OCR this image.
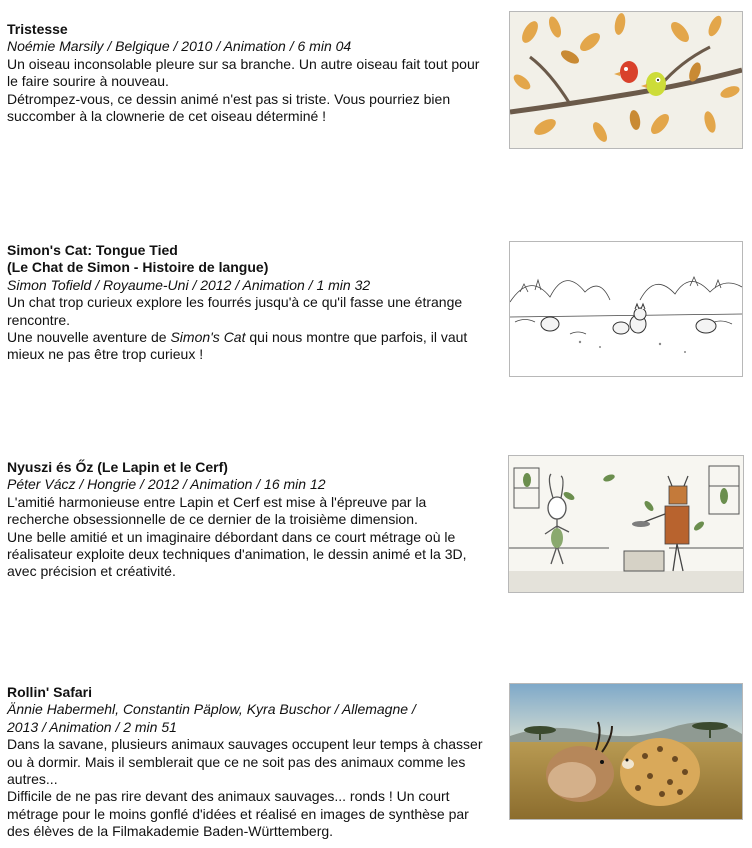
Tristesse
Noémie Marsily / Belgique / 2010 / Animation / 6 min 04

Un oiseau inconsolable pleure sur sa branche. Un autre oiseau fait tout pour le faire sourire à nouveau.

Détrompez-vous, ce dessin animé n'est pas si triste. Vous pourriez bien succomber à la clownerie de cet oiseau déterminé !

Simon's Cat: Tongue Tied
(Le Chat de Simon - Histoire de langue)
Simon Tofield / Royaume-Uni / 2012 / Animation / 1 min 32

Un chat trop curieux explore les fourrés jusqu'à ce qu'il fasse une étrange rencontre.

Une nouvelle aventure de Simon's Cat qui nous montre que parfois, il vaut mieux ne pas être trop curieux !

Nyuszi és Őz (Le Lapin et le Cerf)
Péter Vácz / Hongrie / 2012 / Animation / 16 min 12

L'amitié harmonieuse entre Lapin et Cerf est mise à l'épreuve par la recherche obsessionnelle de ce dernier de la troisième dimension.

Une belle amitié et un imaginaire débordant dans ce court métrage où le réalisateur exploite deux techniques d'animation, le dessin animé et la 3D, avec précision et créativité.

Rollin' Safari
Ännie Habermehl, Constantin Päplow, Kyra Buschor / Allemagne /
2013 / Animation / 2 min 51

Dans la savane, plusieurs animaux sauvages occupent leur temps à chasser ou à dormir. Mais il semblerait que ce ne soit pas des animaux comme les autres...

Difficile de ne pas rire devant des animaux sauvages... ronds ! Un court métrage pour le moins gonflé d'idées et réalisé en images de synthèse par des élèves de la Filmakademie Baden-Württemberg.
